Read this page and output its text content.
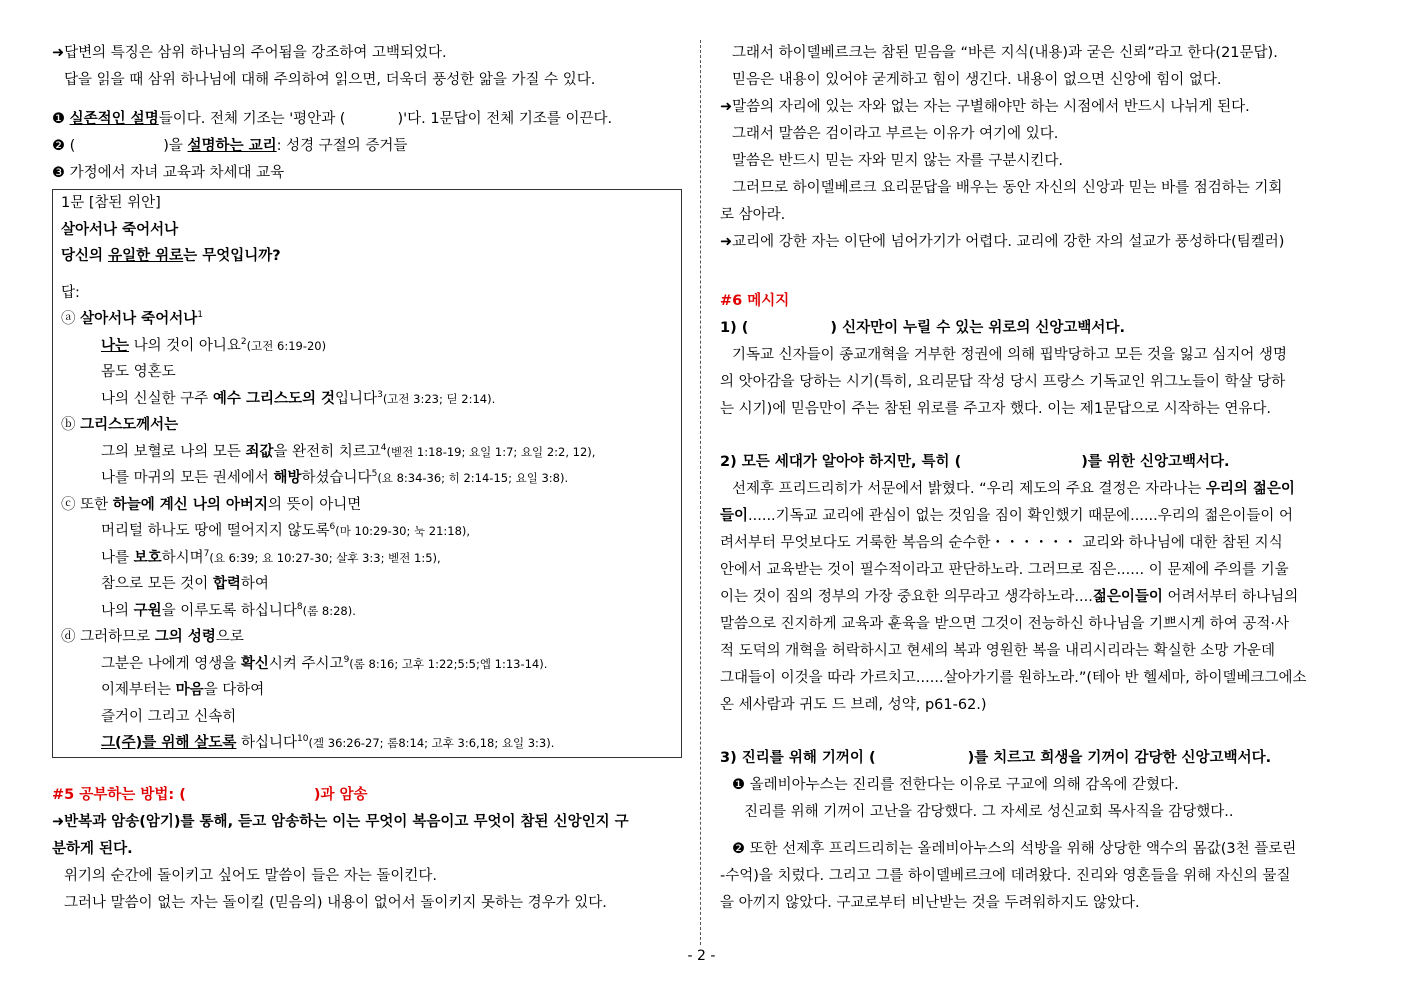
➜답변의 특징은 삼위 하나님의 주어됨을 강조하여 고백되었다.
답을 읽을 때 삼위 하나님에 대해 주의하여 읽으면, 더욱더 풍성한 앎을 가질 수 있다.
❶ 실존적인 설명들이다. 전체 기조는 '평안과 (	)'다. 1문답이 전체 기조를 이끈다.
❷ (	)을 설명하는 교리: 성경 구절의 증거들
❸ 가정에서 자녀 교육과 차세대 교육
1문 [참된 위안]
살아서나 죽어서나
당신의 유일한 위로는 무엇입니까?
답:
ⓐ 살아서나 죽어서나$^1$
나는 나의 것이 아니요$^2$(고전 6:19-20)
몸도 영혼도
나의 신실한 구주 예수 그리스도의 것입니다$^3$(고전 3:23; 딛 2:14).
ⓑ 그리스도께서는
그의 보혈로 나의 모든 죄값을 완전히 치르고$^4$(벧전 1:18-19; 요일 1:7; 요일 2:2, 12),
나를 마귀의 모든 권세에서 해방하셨습니다$^5$(요 8:34-36; 히 2:14-15; 요일 3:8).
ⓒ 또한 하늘에 계신 나의 아버지의 뜻이 아니면
머리털 하나도 땅에 떨어지지 않도록$^6$(마 10:29-30; 눅 21:18),
나를 보호하시며$^7$(요 6:39; 요 10:27-30; 살후 3:3; 벧전 1:5),
참으로 모든 것이 합력하여
나의 구원을 이루도록 하십니다$^8$(롬 8:28).
ⓓ 그러하므로 그의 성령으로
그분은 나에게 영생을 확신시켜 주시고$^9$(롬 8:16; 고후 1:22;5:5;엡 1:13-14).
이제부터는 마음을 다하여
즐거이 그리고 신속히
그(주)를 위해 살도록 하십니다$^{10}$(겔 36:26-27; 롬8:14; 고후 3:6,18; 요일 3:3).
#5 공부하는 방법: (	)과 암송
➜반복과 암송(암기)를 통해, 듣고 암송하는 이는 무엇이 복음이고 무엇이 참된 신앙인지 구
분하게 된다.
위기의 순간에 돌이키고 싶어도 말씀이 들은 자는 돌이킨다.
그러나 말씀이 없는 자는 돌이킬 (믿음의) 내용이 없어서 돌이키지 못하는 경우가 있다.
그래서 하이델베르크는 참된 믿음을 “바른 지식(내용)과 굳은 신뢰”라고 한다(21문답).
믿음은 내용이 있어야 굳게하고 힘이 생긴다. 내용이 없으면 신앙에 힘이 없다.
➜말씀의 자리에 있는 자와 없는 자는 구별해야만 하는 시점에서 반드시 나뉘게 된다.
그래서 말씀은 검이라고 부르는 이유가 여기에 있다.
말씀은 반드시 믿는 자와 믿지 않는 자를 구분시킨다.
그러므로 하이델베르크 요리문답을 배우는 동안 자신의 신앙과 믿는 바를 점검하는 기회
로 삼아라.
➜교리에 강한 자는 이단에 넘어가기가 어렵다. 교리에 강한 자의 설교가 풍성하다(팀켈러)
#6 메시지
1) (	) 신자만이 누릴 수 있는 위로의 신앙고백서다.
기독교 신자들이 종교개혁을 거부한 정권에 의해 핍박당하고 모든 것을 잃고 심지어 생명
의 앗아감을 당하는 시기(특히, 요리문답 작성 당시 프랑스 기독교인 위그노들이 학살 당하
는 시기)에 믿음만이 주는 참된 위로를 주고자 했다. 이는 제1문답으로 시작하는 연유다.
2) 모든 세대가 알아야 하지만, 특히 (	)를 위한 신앙고백서다.
선제후 프리드리히가 서문에서 밝혔다. “우리 제도의 주요 결정은 자라나는 우리의 젊은이
들이......기독교 교리에 관심이 없는 것임을 짐이 확인했기 때문에......우리의 젊은이들이 어
려서부터 무엇보다도 거룩한 복음의 순수한・・・・・・ 교리와 하나님에 대한 참된 지식
안에서 교육받는 것이 필수적이라고 판단하노라. 그러므로 짐은...... 이 문제에 주의를 기울
이는 것이 짐의 정부의 가장 중요한 의무라고 생각하노라....젊은이들이 어려서부터 하나님의
말씀으로 진지하게 교육과 훈육을 받으면 그것이 전능하신 하나님을 기쁘시게 하여 공적·사
적 도덕의 개혁을 허락하시고 현세의 복과 영원한 복을 내리시리라는 확실한 소망 가운데
그대들이 이것을 따라 가르치고......살아가기를 원하노라.”(테아 반 헬세마, 하이델베크그에소
온 세사람과 귀도 드 브레, 성약, p61-62.)
3) 진리를 위해 기꺼이 (	)를 치르고 희생을 기꺼이 감당한 신앙고백서다.
❶ 올레비아누스는 진리를 전한다는 이유로 구교에 의해 감옥에 갇혔다.
진리를 위해 기꺼이 고난을 감당했다. 그 자세로 성신교회 목사직을 감당했다..
❷ 또한 선제후 프리드리히는 올레비아누스의 석방을 위해 상당한 액수의 몸값(3천 플로린
-수억)을 치렀다. 그리고 그를 하이델베르크에 데려왔다. 진리와 영혼들을 위해 자신의 물질
을 아끼지 않았다. 구교로부터 비난받는 것을 두려워하지도 않았다.
- 2 -
